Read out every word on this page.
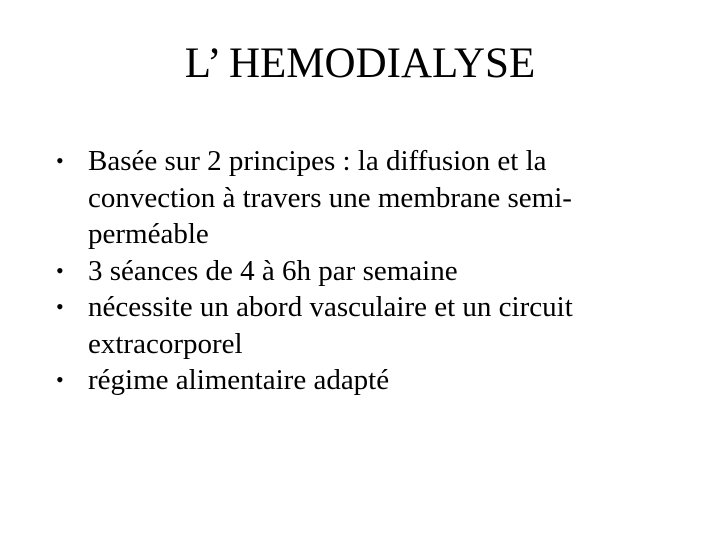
L’ HEMODIALYSE
• Basée sur 2 principes : la diffusion et la
convection à travers une membrane semi-
perméable
• 3 séances de 4 à 6h par semaine
• nécessite un abord vasculaire et un circuit
extracorporel
• régime alimentaire adapté
